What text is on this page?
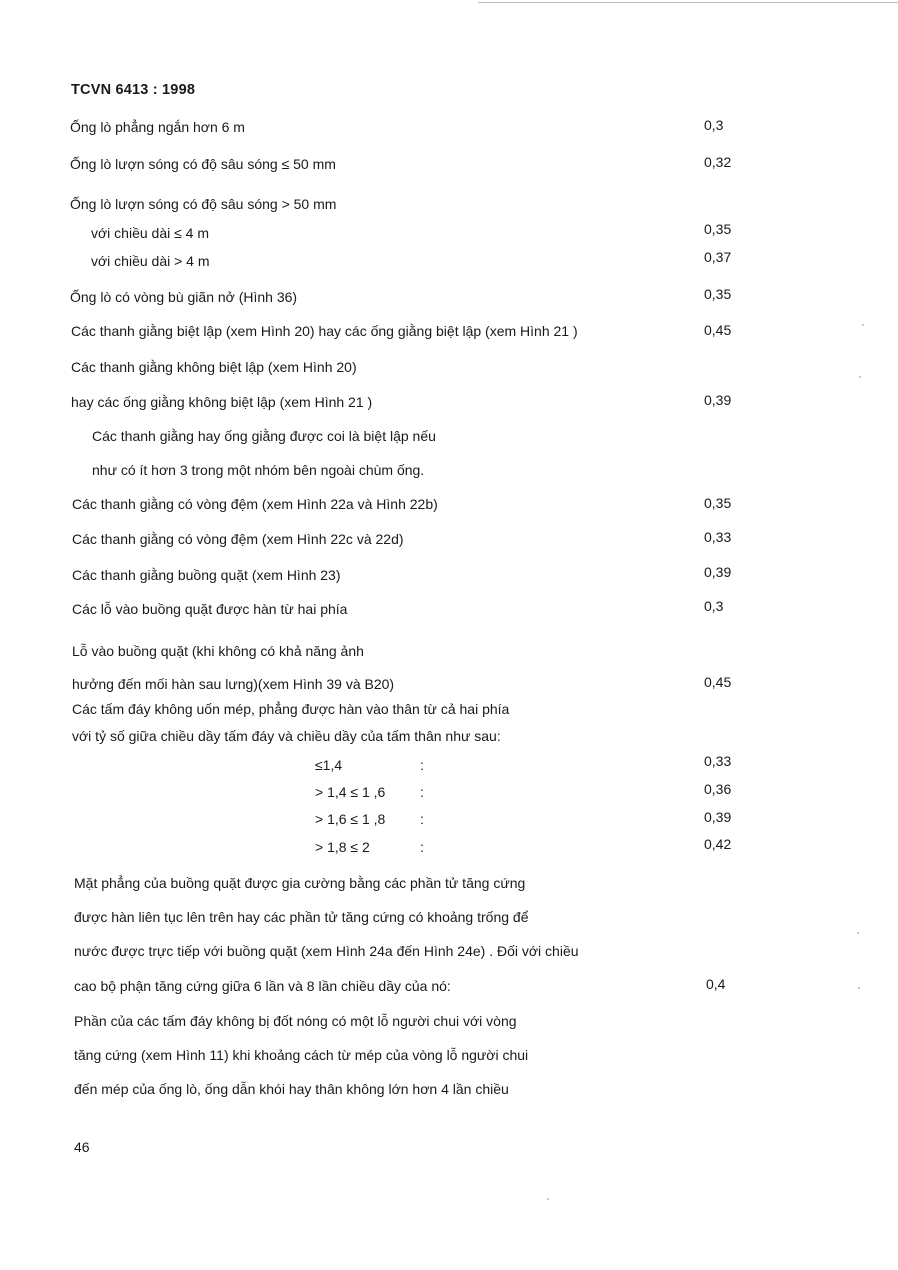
TCVN 6413 : 1998
Ống lò phẳng ngắn hơn 6 m	0,3
Ống lò lượn sóng có độ sâu sóng ≤ 50 mm	0,32
Ống lò lượn sóng có độ sâu sóng > 50 mm
với chiều dài ≤ 4 m	0,35
với chiều dài > 4 m	0,37
Ống lò có vòng bù giãn nở (Hình 36)	0,35
Các thanh giằng biệt lập (xem Hình 20) hay các ống giằng biệt lập (xem Hình 21 )	0,45
Các thanh giằng không biệt lập (xem Hình 20)
hay các ống giằng không biệt lập (xem Hình 21 )	0,39
Các thanh giằng hay ống giằng được coi là biệt lập nếu
như có ít hơn 3 trong một nhóm bên ngoài chùm ống.
Các thanh giằng có vòng đệm (xem Hình 22a và Hình 22b)	0,35
Các thanh giằng có vòng đệm (xem Hình 22c và 22d)	0,33
Các thanh giằng buồng quặt (xem Hình 23)	0,39
Các lỗ vào buồng quặt được hàn từ hai phía	0,3
Lỗ vào buồng quặt (khi không có khả năng ảnh
hưởng đến mối hàn sau lưng)(xem Hình 39 và B20)	0,45
Các tấm đáy không uốn mép, phẳng được hàn vào thân từ cả hai phía
với tỷ số giữa chiều dầy tấm đáy và chiều dầy của tấm thân như sau:
≤1,4	:	0,33
> 1,4 ≤ 1 ,6 :	0,36
> 1,6 ≤ 1 ,8 :	0,39
> 1,8 ≤ 2	:	0,42
Mặt phẳng của buồng quặt được gia cường bằng các phần tử tăng cứng
được hàn liên tục lên trên hay các phần tử tăng cứng có khoảng trống để
nước được trực tiếp với buồng quặt (xem Hình 24a đến Hình 24e) . Đối với chiều
cao bộ phận tăng cứng giữa 6 lần và 8 lần chiều dầy của nó:	0,4
Phần của các tấm đáy không bị đốt nóng có một lỗ người chui với vòng
tăng cứng (xem Hình 11) khi khoảng cách từ mép của vòng lỗ người chui
đến mép của ống lò, ống dẫn khói hay thân không lớn hơn 4 lần chiều
46
